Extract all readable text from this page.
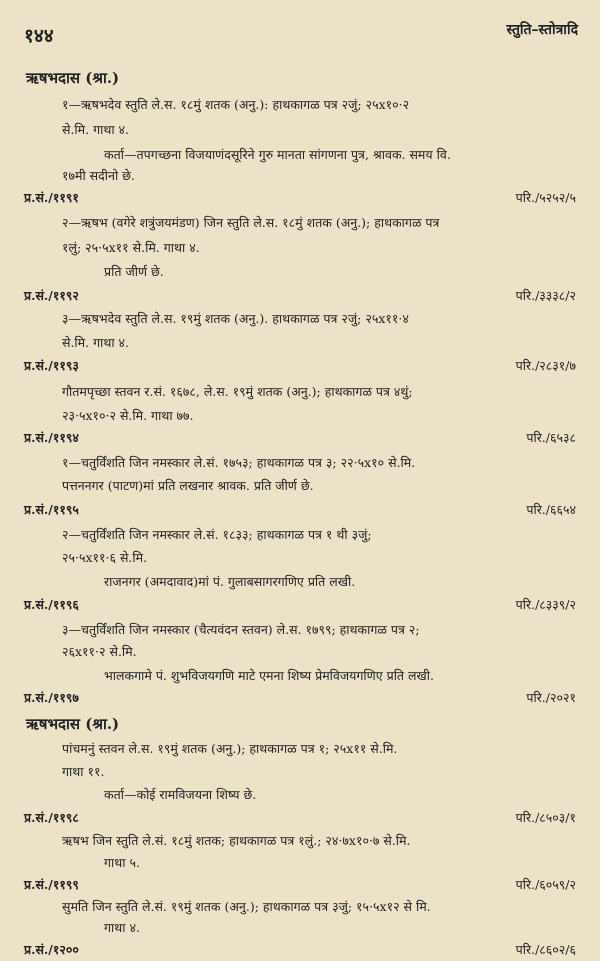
१४४	स्तुति–स्तोत्रादि
ऋषभदास (श्रा.)
१—ऋषभदेव स्तुति ले.स. १८मुं शतक (अनु.): हाथकागळ पत्र २जुं; २५x१०·२
से.मि. गाथा ४.
कर्ता—तपगच्छना विजयाणंदसूरिने गुरु मानता सांगणना पुत्र, श्रावक. समय वि.
१७मी सदीनो छे.
२—ऋषभ (वगेरे शत्रुंजयमंडण) जिन स्तुति ले.स. १८मुं शतक (अनु.); हाथकागळ पत्र
१लुं; २५·५x११ से.मि. गाथा ४.
प्रति जीर्ण छे.
३—ऋषभदेव स्तुति ले.स. १९मुं शतक (अनु.). हाथकागळ पत्र २जुं; २५x११·४
से.मि. गाथा ४.
गौतमपृच्छा स्तवन र.सं. १६७८, ले.स. १९मुं शतक (अनु.); हाथकागळ पत्र ४थुं;
२३·५x१०·२ से.मि. गाथा ७७.
१—चतुर्विंशति जिन नमस्कार ले.सं. १७५३; हाथकागळ पत्र ३; २२·५x१० से.मि.
पत्तननगर (पाटण)मां प्रति लखनार श्रावक. प्रति जीर्ण छे.
२—चतुर्विंशति जिन नमस्कार ले.सं. १८३३; हाथकागळ पत्र १ थी ३जुं;
२५·५x११·६ से.मि.
राजनगर (अमदावाद)मां पं. गुलाबसागरगणिए प्रति लखी.
३—चतुर्विंशति जिन नमस्कार (चैत्यवंदन स्तवन) ले.स. १७९९; हाथकागळ पत्र २;
२६x११·२ से.मि.
भालकगामे पं. शुभविजयगणि माटे एमना शिष्य प्रेमविजयगणिए प्रति लखी.
ऋषभदास (श्रा.)
पांचमनुं स्तवन ले.स. १९मुं शतक (अनु.); हाथकागळ पत्र १; २५x११ से.मि.
गाथा ११.
कर्ता—कोई रामविजयना शिष्य छे.
ऋषभ जिन स्तुति ले.सं. १८मुं शतक; हाथकागळ पत्र १लुं.; २४·७x१०·७ से.मि.
गाथा ५.
सुमति जिन स्तुति ले.सं. १९मुं शतक (अनु.); हाथकागळ पत्र ३जुं; १५·५x१२ से मि.
गाथा ४.
प्र.सं./११९१	परि./५२५२/५
प्र.सं./११९२	परि./३३३८/२
प्र.सं./११९३	परि./२८३१/७
प्र.सं./११९४	परि./६५३८
प्र.सं./११९५	परि./६६५४
प्र.सं./११९६	परि./८३३९/२
प्र.सं./११९७	परि./२०२१
प्र.सं./११९८	परि./८५०३/१
प्र.सं./११९९	परि./६०५९/२
प्र.सं./१२००	परि./८६०२/६
